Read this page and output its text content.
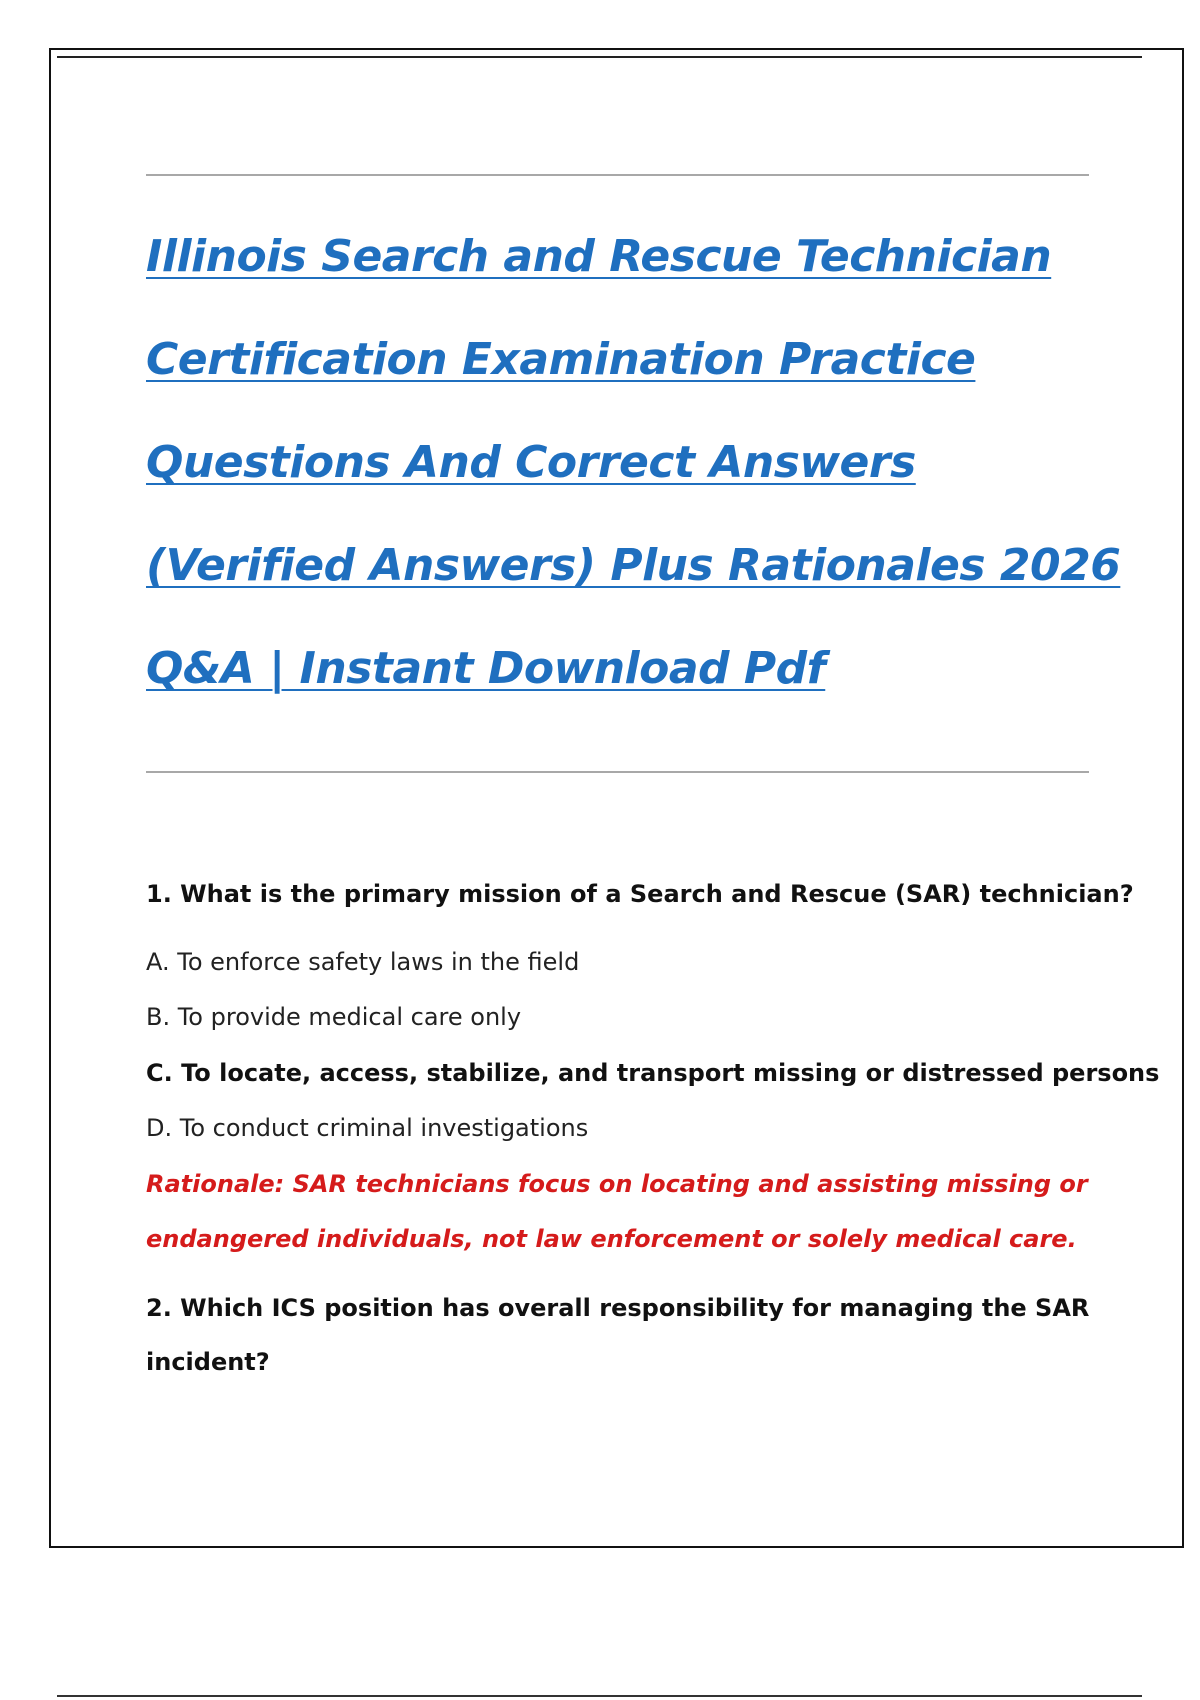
Illinois Search and Rescue Technician
Certification Examination Practice
Questions And Correct Answers
(Verified Answers) Plus Rationales 2026
Q&A | Instant Download Pdf
1. What is the primary mission of a Search and Rescue (SAR) technician?
A. To enforce safety laws in the field
B. To provide medical care only
C. To locate, access, stabilize, and transport missing or distressed persons
D. To conduct criminal investigations
Rationale: SAR technicians focus on locating and assisting missing or
endangered individuals, not law enforcement or solely medical care.
2. Which ICS position has overall responsibility for managing the SAR
incident?
